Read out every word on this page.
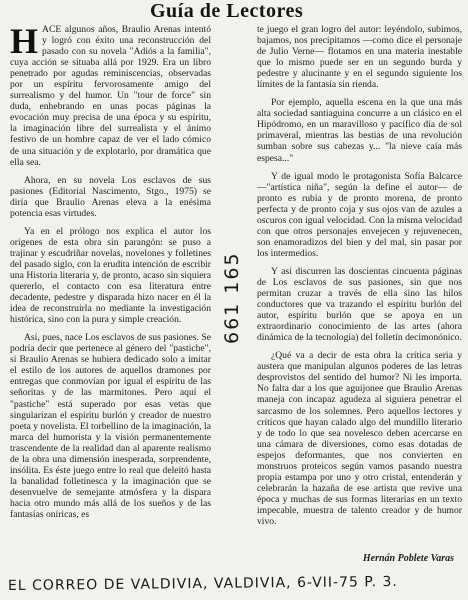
Guía de Lectores

HACE algunos años, Braulio Arenas intentó y logró con éxito una reconstrucción del pasado con su novela "Adiós a la familia", cuya acción se situaba allá por 1929. Era un libro penetrado por agudas reminiscencias, observadas por un espíritu fervorosamente amigo del surrealismo y del humor. Un "tour de force" sin duda, enhebrando en unas pocas páginas la evocación muy precisa de una época y su espíritu, la imaginación libre del surrealista y el ánimo festivo de un hombre capaz de ver el lado cómico de una situación y de explotarlo, por dramática que ella sea.

Ahora, en su novela Los esclavos de sus pasiones (Editorial Nascimento, Stgo., 1975) se diría que Braulio Arenas eleva a la enésima potencia esas virtudes.

Ya en el prólogo nos explica el autor los orígenes de esta obra sin parangón: se puso a trajinar y escudriñar novelas, novelones y folletines del pasado siglo, con la erudita intención de escribir una Historia literaria y, de pronto, acaso sin siquiera quererlo, el contacto con esa literatura entre decadente, pedestre y disparada hizo nacer en él la idea de reconstruirla no mediante la investigación histórica, sino con la pura y simple creación.

Así, pues, nace Los esclavos de sus pasiones. Se podría decir que pertenece al género del "pastiche", si Braulio Arenas se hubiera dedicado solo a imitar el estilo de los autores de aquellos dramones por entregas que conmovían por igual el espíritu de las señoritas y de las marmitones. Pero aquí el "pastiche" está superado por esas vetas que singularizan el espíritu burlón y creador de nuestro poeta y novelista. El torbellino de la imaginación, la marca del humorista y la visión permanentemente trascendente de la realidad dan al aparente realismo de la obra una dimensión inesperada, sorprendente, insólita. Es éste juego entre lo real que deleitó hasta la banalidad folletinesca y la imaginación que se desenvuelve de semejante atmósfera y la dispara hacia otro mundo más allá de los sueños y de las fantasías oníricas, es

661 165

te juego el gran logro del autor: leyéndolo, subimos, bajamos, nos precipitamos —como dice el personaje de Julio Verne— flotamos en una materia inestable que lo mismo puede ser en un segundo burda y pedestre y alucinante y en el segundo siguiente los límites de la fantasía sin rienda.

Por ejemplo, aquella escena en la que una más alta sociedad santiaguina concurre a un clásico en el Hipódromo, en un maravilloso y pacífico día de sol primaveral, mientras las bestias de una revolución sumban sobre sus cabezas y... "la nieve caía más espesa..."

Y de igual modo le protagonista Sofía Balcarce —"artística niña", según la define el autor— de pronto es rubia y de pronto morena, de pronto perfecta y de pronto coja y sus ojos van de azules a oscuros con igual velocidad. Con la misma velocidad con que otros personajes envejecen y rejuvenecen, son enamoradizos del bien y del mal, sin pasar por los intermedios.

Y así discurren las doscientas cincuenta páginas de Los esclavos de sus pasiones, sin que nos permitan cruzar a través de ella sino las hilos conductores que va trazando el espíritu burlón del autor, espíritu burlón que se apoya en un extraordinario conocimiento de las artes (ahora dinámica de la tecnología) del folletín decimonónico.

¿Qué va a decir de esta obra la crítica seria y austera que manipulan algunos poderes de las letras desprovistos del sentido del humor? Ni les importa. No falta dar a los que aguijonee que Braulio Arenas maneja con incapaz agudeza al siguiera penetrar el sarcasmo de los solemnes. Pero aquellos lectores y críticos que hayan calado algo del mundillo literario y de todo lo que sea novelesco deben acercarse en una cámara de diversiones, como esas dotadas de espejos deformantes, que nos convierten en monstruos proteicos según vamos pasando nuestra propia estampa por uno y otro cristal, entenderán y celebrarán la hazaña de ese artista que revive una época y muchas de sus formas literarias en un texto impecable, muestra de talento creador y de humor vivo.

Hernán Poblete Varas
EL CORREO DE VALDIVIA, VALDIVIA, 6-VII-75 P. 3.
